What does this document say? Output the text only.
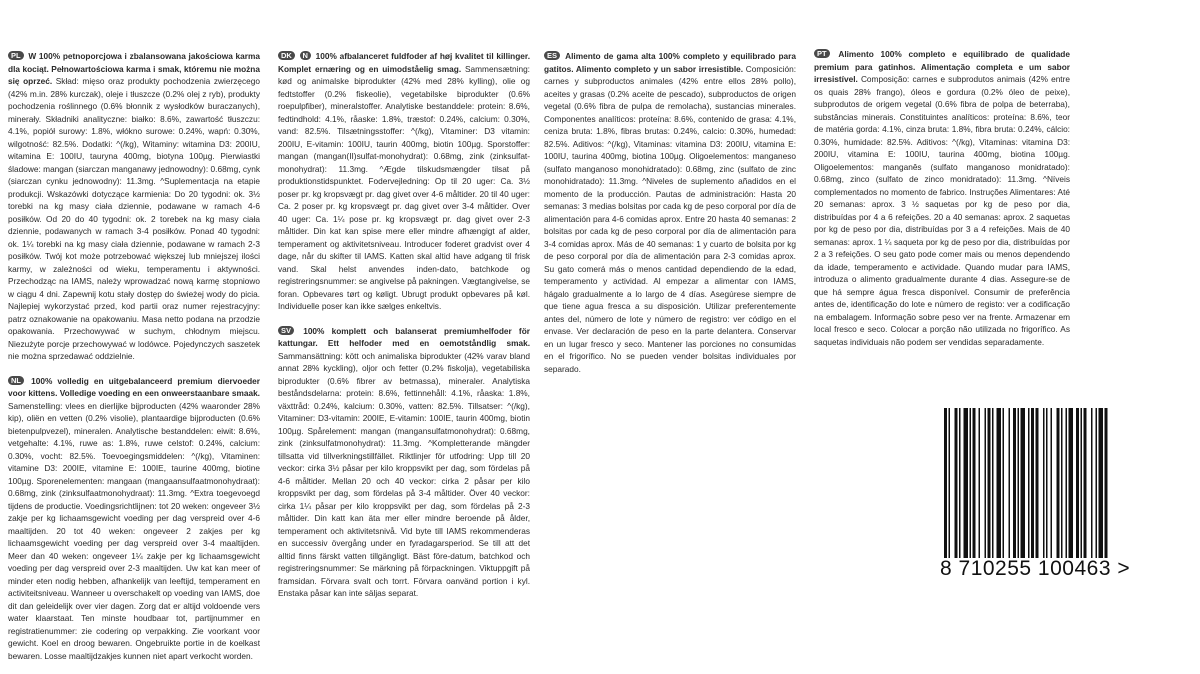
PL W 100% petnoporcjowa i zbalansowana jakościowa karma dla kociąt. Pełnowartościowa karma i smak, któremu nie można się oprzeć. Skład: mięso oraz produkty pochodzenia zwierzęcego (42% m.in. 28% kurczak), oleje i tłuszcze (0.2% olej z ryb), produkty pochodzenia roślinnego (0.6% błonnik z wysłodków buraczanych), minerały. Składniki analityczne: białko: 8.6%, zawartość tłuszczu: 4.1%, popiół surowy: 1.8%, włókno surowe: 0.24%, wapń: 0.30%, wilgotność: 82.5%. Dodatki: ^(/kg), Witaminy: witamina D3: 200IU, witamina E: 100IU, tauryna 400mg, biotyna 100µg. Pierwiastki śladowe: mangan (siarczan manganawy jednowodny): 0.68mg, cynk (siarczan cynku jednowodny): 11.3mg. ^Suplementacja na etapie produkcji. Wskazówki dotyczące karmienia: Do 20 tygodni: ok. 3½ torebki na kg masy ciała dziennie, podawane w ramach 4-6 posiłków. Od 20 do 40 tygodni: ok. 2 torebek na kg masy ciała dziennie, podawanych w ramach 3-4 posiłków. Ponad 40 tygodni: ok. 1¼ torebki na kg masy ciała dziennie, podawane w ramach 2-3 posiłków. Twój kot może potrzebować większej lub mniejszej ilości karmy, w zależności od wieku, temperamentu i aktywności. Przechodząc na IAMS, należy wprowadzać nową karmę stopniowo w ciągu 4 dni. Zapewnij kotu stały dostęp do świeżej wody do picia. Najlepiej wykorzystać przed, kod partii oraz numer rejestracyjny: patrz oznakowanie na opakowaniu. Masa netto podana na przodzie opakowania. Przechowywać w suchym, chłodnym miejscu. Niezużyte porcje przechowywać w lodówce. Pojedynczych saszetek nie można sprzedawać oddzielnie.
NL 100% volledig en uitgebalanceerd premium diervoeder voor kittens. Volledige voeding en een onweerstaanbare smaak. Samenstelling: vlees en dierlijke bijproducten (42% waaronder 28% kip), oliën en vetten (0.2% visolie), plantaardige bijproducten (0.6% bietenpulpvezel), mineralen. Analytische bestanddelen: eiwit: 8.6%, vetgehalte: 4.1%, ruwe as: 1.8%, ruwe celstof: 0.24%, calcium: 0.30%, vocht: 82.5%. Toevoegingsmiddelen: ^(/kg), Vitaminen: vitamine D3: 200IE, vitamine E: 100IE, taurine 400mg, biotine 100µg. Sporenelementen: mangaan (mangaansulfaatmonohydraat): 0.68mg, zink (zinksulfaatmonohydraat): 11.3mg. ^Extra toegevoegd tijdens de productie. Voedingsrichtlijnen: tot 20 weken: ongeveer 3½ zakje per kg lichaamsgewicht voeding per dag verspreid over 4-6 maaltijden. 20 tot 40 weken: ongeveer 2 zakjes per kg lichaamsgewicht voeding per dag verspreid over 3-4 maaltijden. Meer dan 40 weken: ongeveer 1¼ zakje per kg lichaamsgewicht voeding per dag verspreid over 2-3 maaltijden. Uw kat kan meer of minder eten nodig hebben, afhankelijk van leeftijd, temperament en activiteitsniveau. Wanneer u overschakelt op voeding van IAMS, doe dit dan geleidelijk over vier dagen. Zorg dat er altijd voldoende vers water klaarstaat. Ten minste houdbaar tot, partijnummer en registratienummer: zie codering op verpakking. Zie voorkant voor gewicht. Koel en droog bewaren. Ongebruikte portie in de koelkast bewaren. Losse maaltijdzakjes kunnen niet apart verkocht worden.
DK N 100% afbalanceret fuldfoder af høj kvalitet til killinger. Komplet ernæring og en uimodståelig smag. Sammensætning: kød og animalske biprodukter (42% med 28% kylling), olie og fedtstoffer (0.2% fiskeolie), vegetabilske biprodukter (0.6% roepulpfiber), mineralstoffer. Analytiske bestanddele: protein: 8.6%, fedtindhold: 4.1%, råaske: 1.8%, træstof: 0.24%, calcium: 0.30%, vand: 82.5%. Tilsætningsstoffer: ^(/kg), Vitaminer: D3 vitamin: 200IU, E-vitamin: 100IU, taurin 400mg, biotin 100µg. Sporstoffer: mangan (mangan(II)sulfat-monohydrat): 0.68mg, zink (zinksulfat-monohydrat): 11.3mg. ^Ægde tilskudsmængder tilsat på produktionstidspunktet. Fodervejledning: Op til 20 uger: Ca. 3½ poser pr. kg kropsvægt pr. dag givet over 4-6 måltider. 20 til 40 uger: Ca. 2 poser pr. kg kropsvægt pr. dag givet over 3-4 måltider. Over 40 uger: Ca. 1¼ pose pr. kg kropsvægt pr. dag givet over 2-3 måltider. Din kat kan spise mere eller mindre afhængigt af alder, temperament og aktivitetsniveau. Introducer foderet gradvist over 4 dage, når du skifter til IAMS. Katten skal altid have adgang til frisk vand. Skal helst anvendes inden-dato, batchkode og registreringsnummer: se angivelse på pakningen. Vægtangivelse, se foran. Opbevares tørt og køligt. Ubrugt produkt opbevares på køl. Individuelle poser kan ikke sælges enkeltvis.
SV 100% komplett och balanserat premiumhelfoder för kattungar. Ett helfoder med en oemotståndlig smak. Sammansättning: kött och animaliska biprodukter (42% varav bland annat 28% kyckling), oljor och fetter (0.2% fiskolja), vegetabiliska biprodukter (0.6% fibrer av betmassa), mineraler. Analytiska beståndsdelarna: protein: 8.6%, fettinnehåll: 4.1%, råaska: 1.8%, växttråd: 0.24%, kalcium: 0.30%, vatten: 82.5%. Tillsatser: ^(/kg), Vitaminer: D3-vitamin: 200IE, E-vitamin: 100IE, taurin 400mg, biotin 100µg. Spårelement: mangan (mangansulfatmonohydrat): 0.68mg, zink (zinksulfatmonohydrat): 11.3mg. ^Kompletterande mängder tillsatta vid tillverkningstillfället. Riktlinjer för utfodring: Upp till 20 veckor: cirka 3½ påsar per kilo kroppsvikt per dag, som fördelas på 4-6 måltider. Mellan 20 och 40 veckor: cirka 2 påsar per kilo kroppsvikt per dag, som fördelas på 3-4 måltider. Över 40 veckor: cirka 1¼ påsar per kilo kroppsvikt per dag, som fördelas på 2-3 måltider. Din katt kan äta mer eller mindre beroende på ålder, temperament och aktivitetsnivå. Vid byte till IAMS rekommenderas en successiv övergång under en fyradagarsperiod. Se till att det alltid finns färskt vatten tillgängligt. Bäst före-datum, batchkod och registreringsnummer: Se märkning på förpackningen. Viktuppgift på framsidan. Förvara svalt och torrt. Förvara oanvänd portion i kyl. Enstaka påsar kan inte säljas separat.
ES Alimento de gama alta 100% completo y equilibrado para gatitos. Alimento completo y un sabor irresistible. Composición: carnes y subproductos animales (42% entre ellos 28% pollo), aceites y grasas (0.2% aceite de pescado), subproductos de origen vegetal (0.6% fibra de pulpa de remolacha), sustancias minerales. Componentes analíticos: proteína: 8.6%, contenido de grasa: 4.1%, ceniza bruta: 1.8%, fibras brutas: 0.24%, calcio: 0.30%, humedad: 82.5%. Aditivos: ^(/kg), Vitaminas: vitamina D3: 200IU, vitamina E: 100IU, taurina 400mg, biotina 100µg. Oligoelementos: manganeso (sulfato manganoso monohidratado): 0.68mg, zinc (sulfato de zinc monohidratado): 11.3mg. ^Niveles de suplemento añadidos en el momento de la producción. Pautas de administración: Hasta 20 semanas: 3 medias bolsitas por cada kg de peso corporal por día de alimentación para 4-6 comidas aprox. Entre 20 hasta 40 semanas: 2 bolsitas por cada kg de peso corporal por día de alimentación para 3-4 comidas aprox. Más de 40 semanas: 1 y cuarto de bolsita por kg de peso corporal por día de alimentación para 2-3 comidas aprox. Su gato comerá más o menos cantidad dependiendo de la edad, temperamento y actividad. Al empezar a alimentar con IAMS, hágalo gradualmente a lo largo de 4 días. Asegúrese siempre de que tiene agua fresca a su disposición. Utilizar preferentemente antes del, número de lote y número de registro: ver código en el envase. Ver declaración de peso en la parte delantera. Conservar en un lugar fresco y seco. Mantener las porciones no consumidas en el frigorífico. No se pueden vender bolsitas individuales por separado.
PT Alimento 100% completo e equilibrado de qualidade premium para gatinhos. Alimentação completa e um sabor irresistível. Composição: carnes e subprodutos animais (42% entre os quais 28% frango), óleos e gordura (0.2% óleo de peixe), subprodutos de origem vegetal (0.6% fibra de polpa de beterraba), substâncias minerais. Constituintes analíticos: proteína: 8.6%, teor de matéria gorda: 4.1%, cinza bruta: 1.8%, fibra bruta: 0.24%, cálcio: 0.30%, humidade: 82.5%. Aditivos: ^(/kg), Vitaminas: vitamina D3: 200IU, vitamina E: 100IU, taurina 400mg, biotina 100µg. Oligoelementos: manganês (sulfato manganoso monidratado): 0.68mg, zinco (sulfato de zinco monidratado): 11.3mg. ^Níveis complementados no momento de fabrico. Instruções Alimentares: Até 20 semanas: aprox. 3 ½ saquetas por kg de peso por dia, distribuídas por 4 a 6 refeições. 20 a 40 semanas: aprox. 2 saquetas por kg de peso por dia, distribuídas por 3 a 4 refeições. Mais de 40 semanas: aprox. 1 ¼ saqueta por kg de peso por dia, distribuídas por 2 a 3 refeições. O seu gato pode comer mais ou menos dependendo da idade, temperamento e actividade. Quando mudar para IAMS, introduza o alimento gradualmente durante 4 dias. Assegure-se de que há sempre água fresca disponível. Consumir de preferência antes de, identificação do lote e número de registo: ver a codificação na embalagem. Informação sobre peso ver na frente. Armazenar em local fresco e seco. Colocar a porção não utilizada no frigorífico. As saquetas individuais não podem ser vendidas separadamente.
8 710255 100463 >
